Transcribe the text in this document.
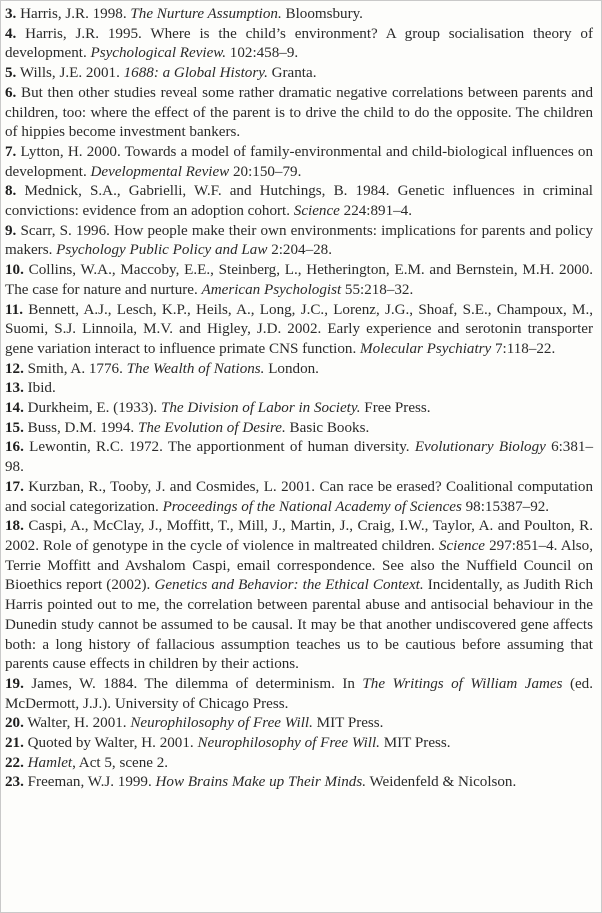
3. Harris, J.R. 1998. The Nurture Assumption. Bloomsbury.

4. Harris, J.R. 1995. Where is the child’s environment? A group socialisation theory of development. Psychological Review. 102:458–9.

5. Wills, J.E. 2001. 1688: a Global History. Granta.

6. But then other studies reveal some rather dramatic negative correlations between parents and children, too: where the effect of the parent is to drive the child to do the opposite. The children of hippies become investment bankers.

7. Lytton, H. 2000. Towards a model of family-environmental and child-biological influences on development. Developmental Review 20:150–79.

8. Mednick, S.A., Gabrielli, W.F. and Hutchings, B. 1984. Genetic influences in criminal convictions: evidence from an adoption cohort. Science 224:891–4.

9. Scarr, S. 1996. How people make their own environments: implications for parents and policy makers. Psychology Public Policy and Law 2:204–28.

10. Collins, W.A., Maccoby, E.E., Steinberg, L., Hetherington, E.M. and Bernstein, M.H. 2000. The case for nature and nurture. American Psychologist 55:218–32.

11. Bennett, A.J., Lesch, K.P., Heils, A., Long, J.C., Lorenz, J.G., Shoaf, S.E., Champoux, M., Suomi, S.J. Linnoila, M.V. and Higley, J.D. 2002. Early experience and serotonin transporter gene variation interact to influence primate CNS function. Molecular Psychiatry 7:118–22.

12. Smith, A. 1776. The Wealth of Nations. London.

13. Ibid.

14. Durkheim, E. (1933). The Division of Labor in Society. Free Press.

15. Buss, D.M. 1994. The Evolution of Desire. Basic Books.

16. Lewontin, R.C. 1972. The apportionment of human diversity. Evolutionary Biology 6:381–98.

17. Kurzban, R., Tooby, J. and Cosmides, L. 2001. Can race be erased? Coalitional computation and social categorization. Proceedings of the National Academy of Sciences 98:15387–92.

18. Caspi, A., McClay, J., Moffitt, T., Mill, J., Martin, J., Craig, I.W., Taylor, A. and Poulton, R. 2002. Role of genotype in the cycle of violence in maltreated children. Science 297:851–4. Also, Terrie Moffitt and Avshalom Caspi, email correspondence. See also the Nuffield Council on Bioethics report (2002). Genetics and Behavior: the Ethical Context. Incidentally, as Judith Rich Harris pointed out to me, the correlation between parental abuse and antisocial behaviour in the Dunedin study cannot be assumed to be causal. It may be that another undiscovered gene affects both: a long history of fallacious assumption teaches us to be cautious before assuming that parents cause effects in children by their actions.

19. James, W. 1884. The dilemma of determinism. In The Writings of William James (ed. McDermott, J.J.). University of Chicago Press.

20. Walter, H. 2001. Neurophilosophy of Free Will. MIT Press.

21. Quoted by Walter, H. 2001. Neurophilosophy of Free Will. MIT Press.

22. Hamlet, Act 5, scene 2.

23. Freeman, W.J. 1999. How Brains Make up Their Minds. Weidenfeld & Nicolson.
